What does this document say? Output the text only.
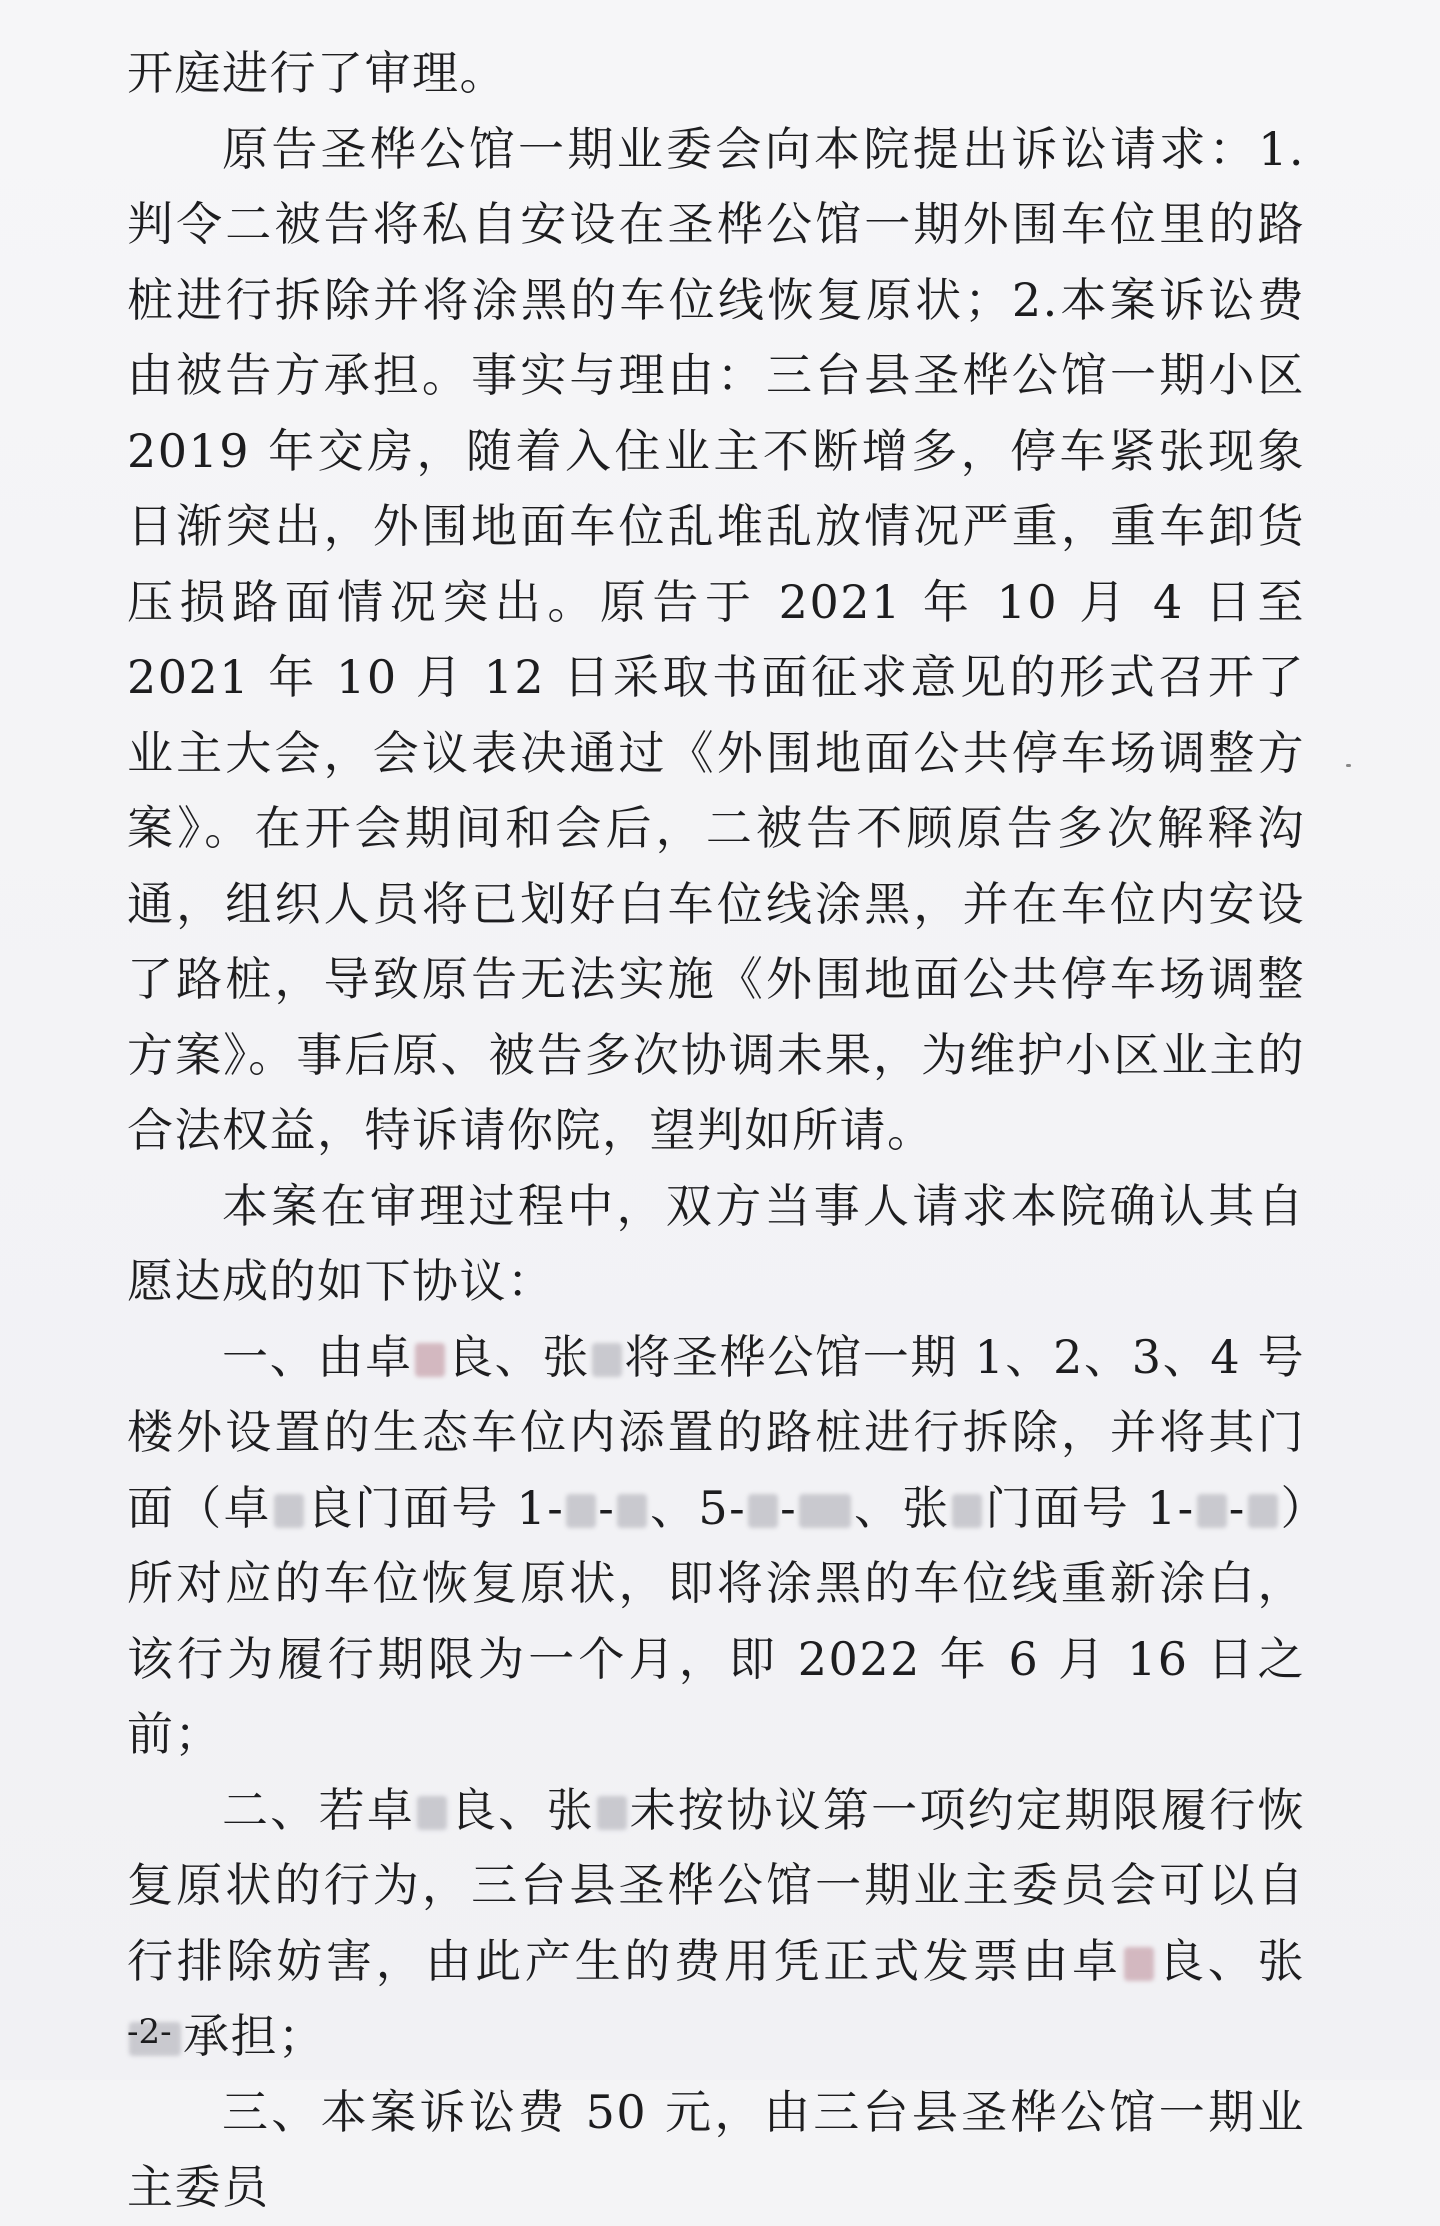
开庭进行了审理。

原告圣桦公馆一期业委会向本院提出诉讼请求：1.判令二被告将私自安设在圣桦公馆一期外围车位里的路桩进行拆除并将涂黑的车位线恢复原状；2.本案诉讼费由被告方承担。事实与理由：三台县圣桦公馆一期小区 2019 年交房，随着入住业主不断增多，停车紧张现象日渐突出，外围地面车位乱堆乱放情况严重，重车卸货压损路面情况突出。原告于 2021 年 10 月 4 日至 2021 年 10 月 12 日采取书面征求意见的形式召开了业主大会，会议表决通过《外围地面公共停车场调整方案》。在开会期间和会后，二被告不顾原告多次解释沟通，组织人员将已划好白车位线涂黑，并在车位内安设了路桩，导致原告无法实施《外围地面公共停车场调整方案》。事后原、被告多次协调未果，为维护小区业主的合法权益，特诉请你院，望判如所请。

本案在审理过程中，双方当事人请求本院确认其自愿达成的如下协议：

一、由卓 良、张 将圣桦公馆一期 1、2、3、4 号楼外设置的生态车位内添置的路桩进行拆除，并将其门面（卓 良门面号 1- - 、5- - 、张 门面号 1- - ）所对应的车位恢复原状，即将涂黑的车位线重新涂白，该行为履行期限为一个月，即 2022 年 6 月 16 日之前；

二、若卓 良、张 未按协议第一项约定期限履行恢复原状的行为，三台县圣桦公馆一期业主委员会可以自行排除妨害，由此产生的费用凭正式发票由卓 良、张承担；

三、本案诉讼费 50 元，由三台县圣桦公馆一期业主委员

-2-
